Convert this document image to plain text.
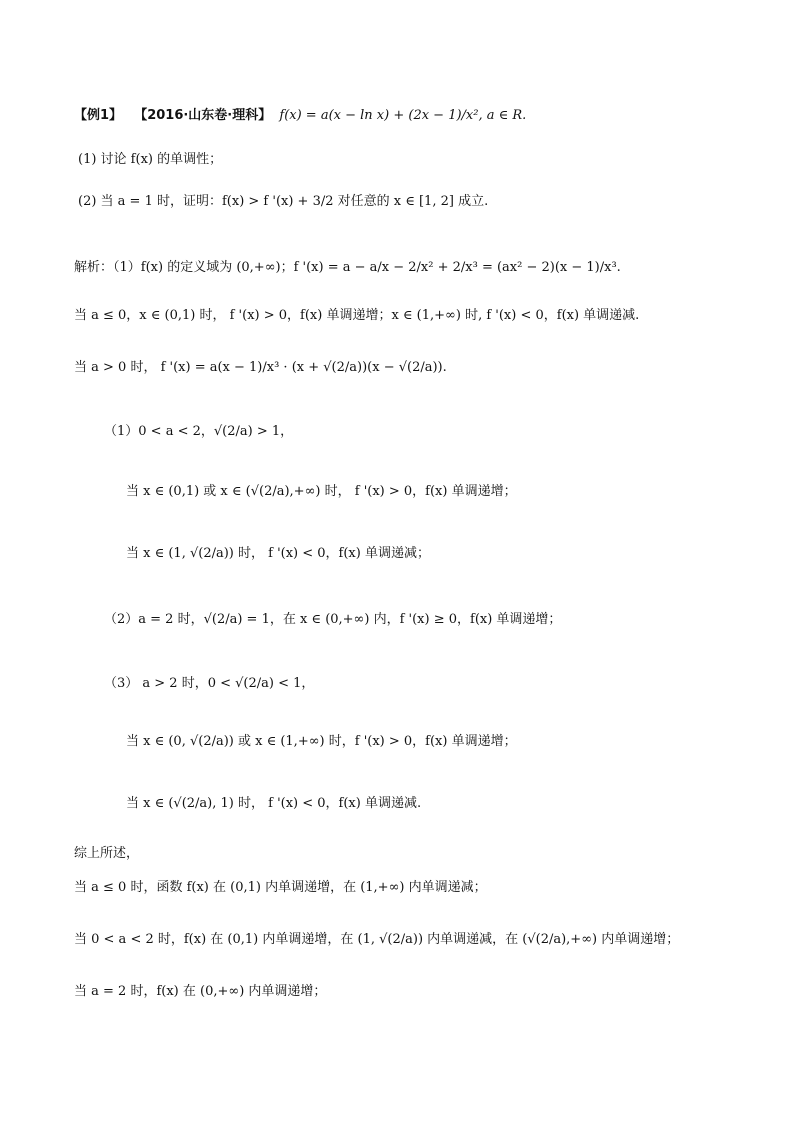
【例1】 【2016·山东卷·理科】 f(x) = a(x − ln x) + (2x − 1)/x², a ∈ R.
(1) 讨论 f(x) 的单调性；
(2) 当 a = 1 时，证明：f(x) > f '(x) + 3/2 对任意的 x ∈ [1, 2] 成立.
解析：（1）f(x) 的定义域为 (0,+∞)；f '(x) = a − a/x − 2/x² + 2/x³ = (ax² − 2)(x − 1)/x³.
当 a ≤ 0，x ∈ (0,1) 时， f '(x) > 0，f(x) 单调递增；x ∈ (1,+∞) 时, f '(x) < 0，f(x) 单调递减.
当 a > 0 时， f '(x) = a(x − 1)/x³ · (x + √(2/a))(x − √(2/a)).
（1）0 < a < 2，√(2/a) > 1，
当 x ∈ (0,1) 或 x ∈ (√(2/a),+∞) 时， f '(x) > 0，f(x) 单调递增；
当 x ∈ (1, √(2/a)) 时， f '(x) < 0，f(x) 单调递减；
（2）a = 2 时，√(2/a) = 1，在 x ∈ (0,+∞) 内，f '(x) ≥ 0，f(x) 单调递增；
（3） a > 2 时，0 < √(2/a) < 1，
当 x ∈ (0, √(2/a)) 或 x ∈ (1,+∞) 时，f '(x) > 0，f(x) 单调递增；
当 x ∈ (√(2/a), 1) 时， f '(x) < 0，f(x) 单调递减.
综上所述，
当 a ≤ 0 时，函数 f(x) 在 (0,1) 内单调递增，在 (1,+∞) 内单调递减；
当 0 < a < 2 时，f(x) 在 (0,1) 内单调递增，在 (1, √(2/a)) 内单调递减，在 (√(2/a),+∞) 内单调递增；
当 a = 2 时，f(x) 在 (0,+∞) 内单调递增；
